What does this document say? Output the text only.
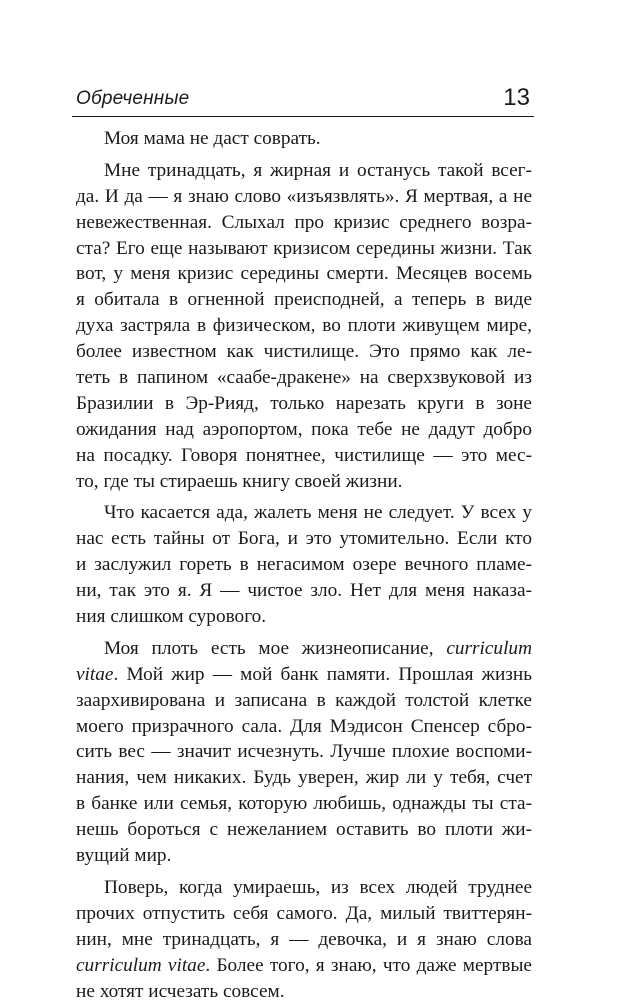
Обреченные	13
Моя мама не даст соврать.
Мне тринадцать, я жирная и останусь такой всег-
да. И да — я знаю слово «изъязвлять». Я мертвая, а не
невежественная. Слыхал про кризис среднего возра-
ста? Его еще называют кризисом середины жизни. Так
вот, у меня кризис середины смерти. Месяцев восемь
я обитала в огненной преисподней, а теперь в виде
духа застряла в физическом, во плоти живущем мире,
более известном как чистилище. Это прямо как ле-
теть в папином «саабе-дракене» на сверхзвуковой из
Бразилии в Эр-Рияд, только нарезать круги в зоне
ожидания над аэропортом, пока тебе не дадут добро
на посадку. Говоря понятнее, чистилище — это мес-
то, где ты стираешь книгу своей жизни.
Что касается ада, жалеть меня не следует. У всех у
нас есть тайны от Бога, и это утомительно. Если кто
и заслужил гореть в негасимом озере вечного пламе-
ни, так это я. Я — чистое зло. Нет для меня наказа-
ния слишком сурового.
Моя плоть есть мое жизнеописание, curriculum
vitae. Мой жир — мой банк памяти. Прошлая жизнь
заархивирована и записана в каждой толстой клетке
моего призрачного сала. Для Мэдисон Спенсер сбро-
сить вес — значит исчезнуть. Лучше плохие воспоми-
нания, чем никаких. Будь уверен, жир ли у тебя, счет
в банке или семья, которую любишь, однажды ты ста-
нешь бороться с нежеланием оставить во плоти жи-
вущий мир.
Поверь, когда умираешь, из всех людей труднее
прочих отпустить себя самого. Да, милый твиттерян-
нин, мне тринадцать, я — девочка, и я знаю слова
curriculum vitae. Более того, я знаю, что даже мертвые
не хотят исчезать совсем.
